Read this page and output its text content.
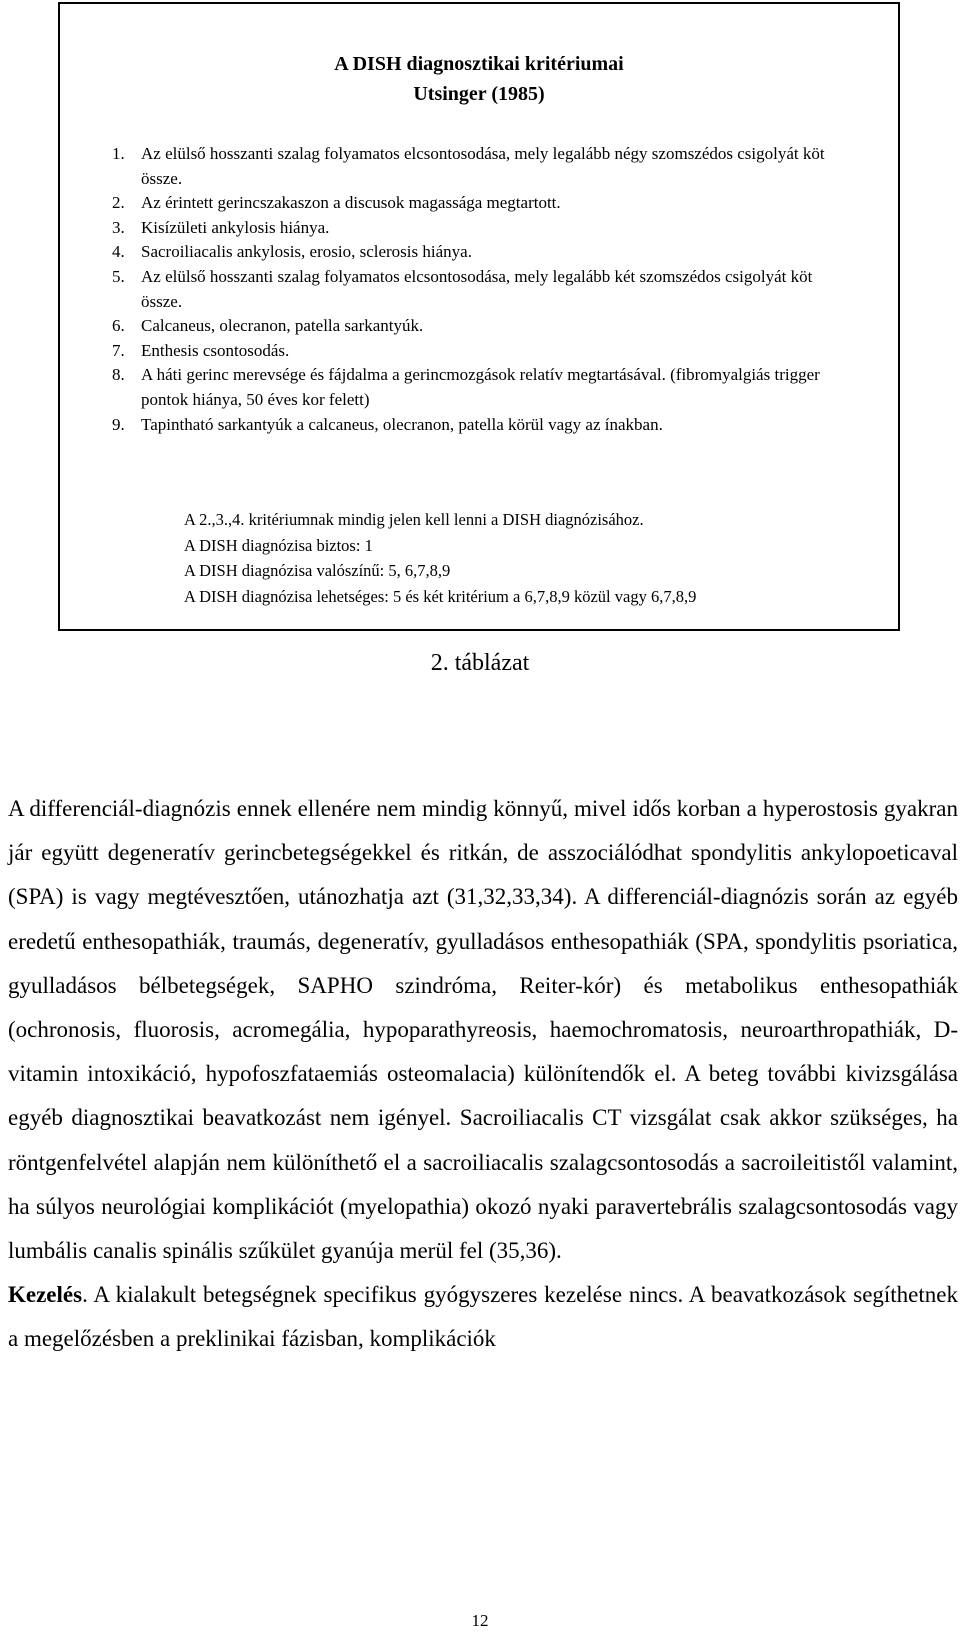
A DISH diagnosztikai kritériumai
Utsinger (1985)
1. Az elülső hosszanti szalag folyamatos elcsontosodása, mely legalább négy szomszédos csigolyát köt össze.
2. Az érintett gerincszakaszon a discusok magassága megtartott.
3. Kisízületi ankylosis hiánya.
4. Sacroiliacalis ankylosis, erosio, sclerosis hiánya.
5. Az elülső hosszanti szalag folyamatos elcsontosodása, mely legalább két szomszédos csigolyát köt össze.
6. Calcaneus, olecranon, patella sarkantyúk.
7. Enthesis csontosodás.
8. A háti gerinc merevsége és fájdalma a gerincmozgások relatív megtartásával. (fibromyalgiás trigger pontok hiánya, 50 éves kor felett)
9. Tapintható sarkantyúk a calcaneus, olecranon, patella körül vagy az ínakban.
A 2.,3.,4. kritériumnak mindig jelen kell lenni a DISH diagnózisához.
A DISH diagnózisa biztos: 1
A DISH diagnózisa valószínű: 5, 6,7,8,9
A DISH diagnózisa lehetséges: 5 és két kritérium a 6,7,8,9 közül vagy 6,7,8,9
2. táblázat

A differenciál-diagnózis ennek ellenére nem mindig könnyű, mivel idős korban a hyperostosis gyakran jár együtt degeneratív gerincbetegségekkel és ritkán, de asszociálódhat spondylitis ankylopoeticaval (SPA) is vagy megtévesztően, utánozhatja azt (31,32,33,34). A differenciál-diagnózis során az egyéb eredetű enthesopathiák, traumás, degeneratív, gyulladásos enthesopathiák (SPA, spondylitis psoriatica, gyulladásos bélbetegségek, SAPHO szindróma, Reiter-kór) és metabolikus enthesopathiák (ochronosis, fluorosis, acromegália, hypoparathyreosis, haemochromatosis, neuroarthropathiák, D-vitamin intoxikáció, hypofoszfataemiás osteomalacia) különítendők el. A beteg további kivizsgálása egyéb diagnosztikai beavatkozást nem igényel. Sacroiliacalis CT vizsgálat csak akkor szükséges, ha röntgenfelvétel alapján nem különíthető el a sacroiliacalis szalagcsontosodás a sacroileitistől valamint, ha súlyos neurológiai komplikációt (myelopathia) okozó nyaki paravertebrális szalagcsontosodás vagy lumbális canalis spinális szűkület gyanúja merül fel (35,36).

Kezelés. A kialakult betegségnek specifikus gyógyszeres kezelése nincs. A beavatkozások segíthetnek a megelőzésben a preklinikai fázisban, komplikációk

12
